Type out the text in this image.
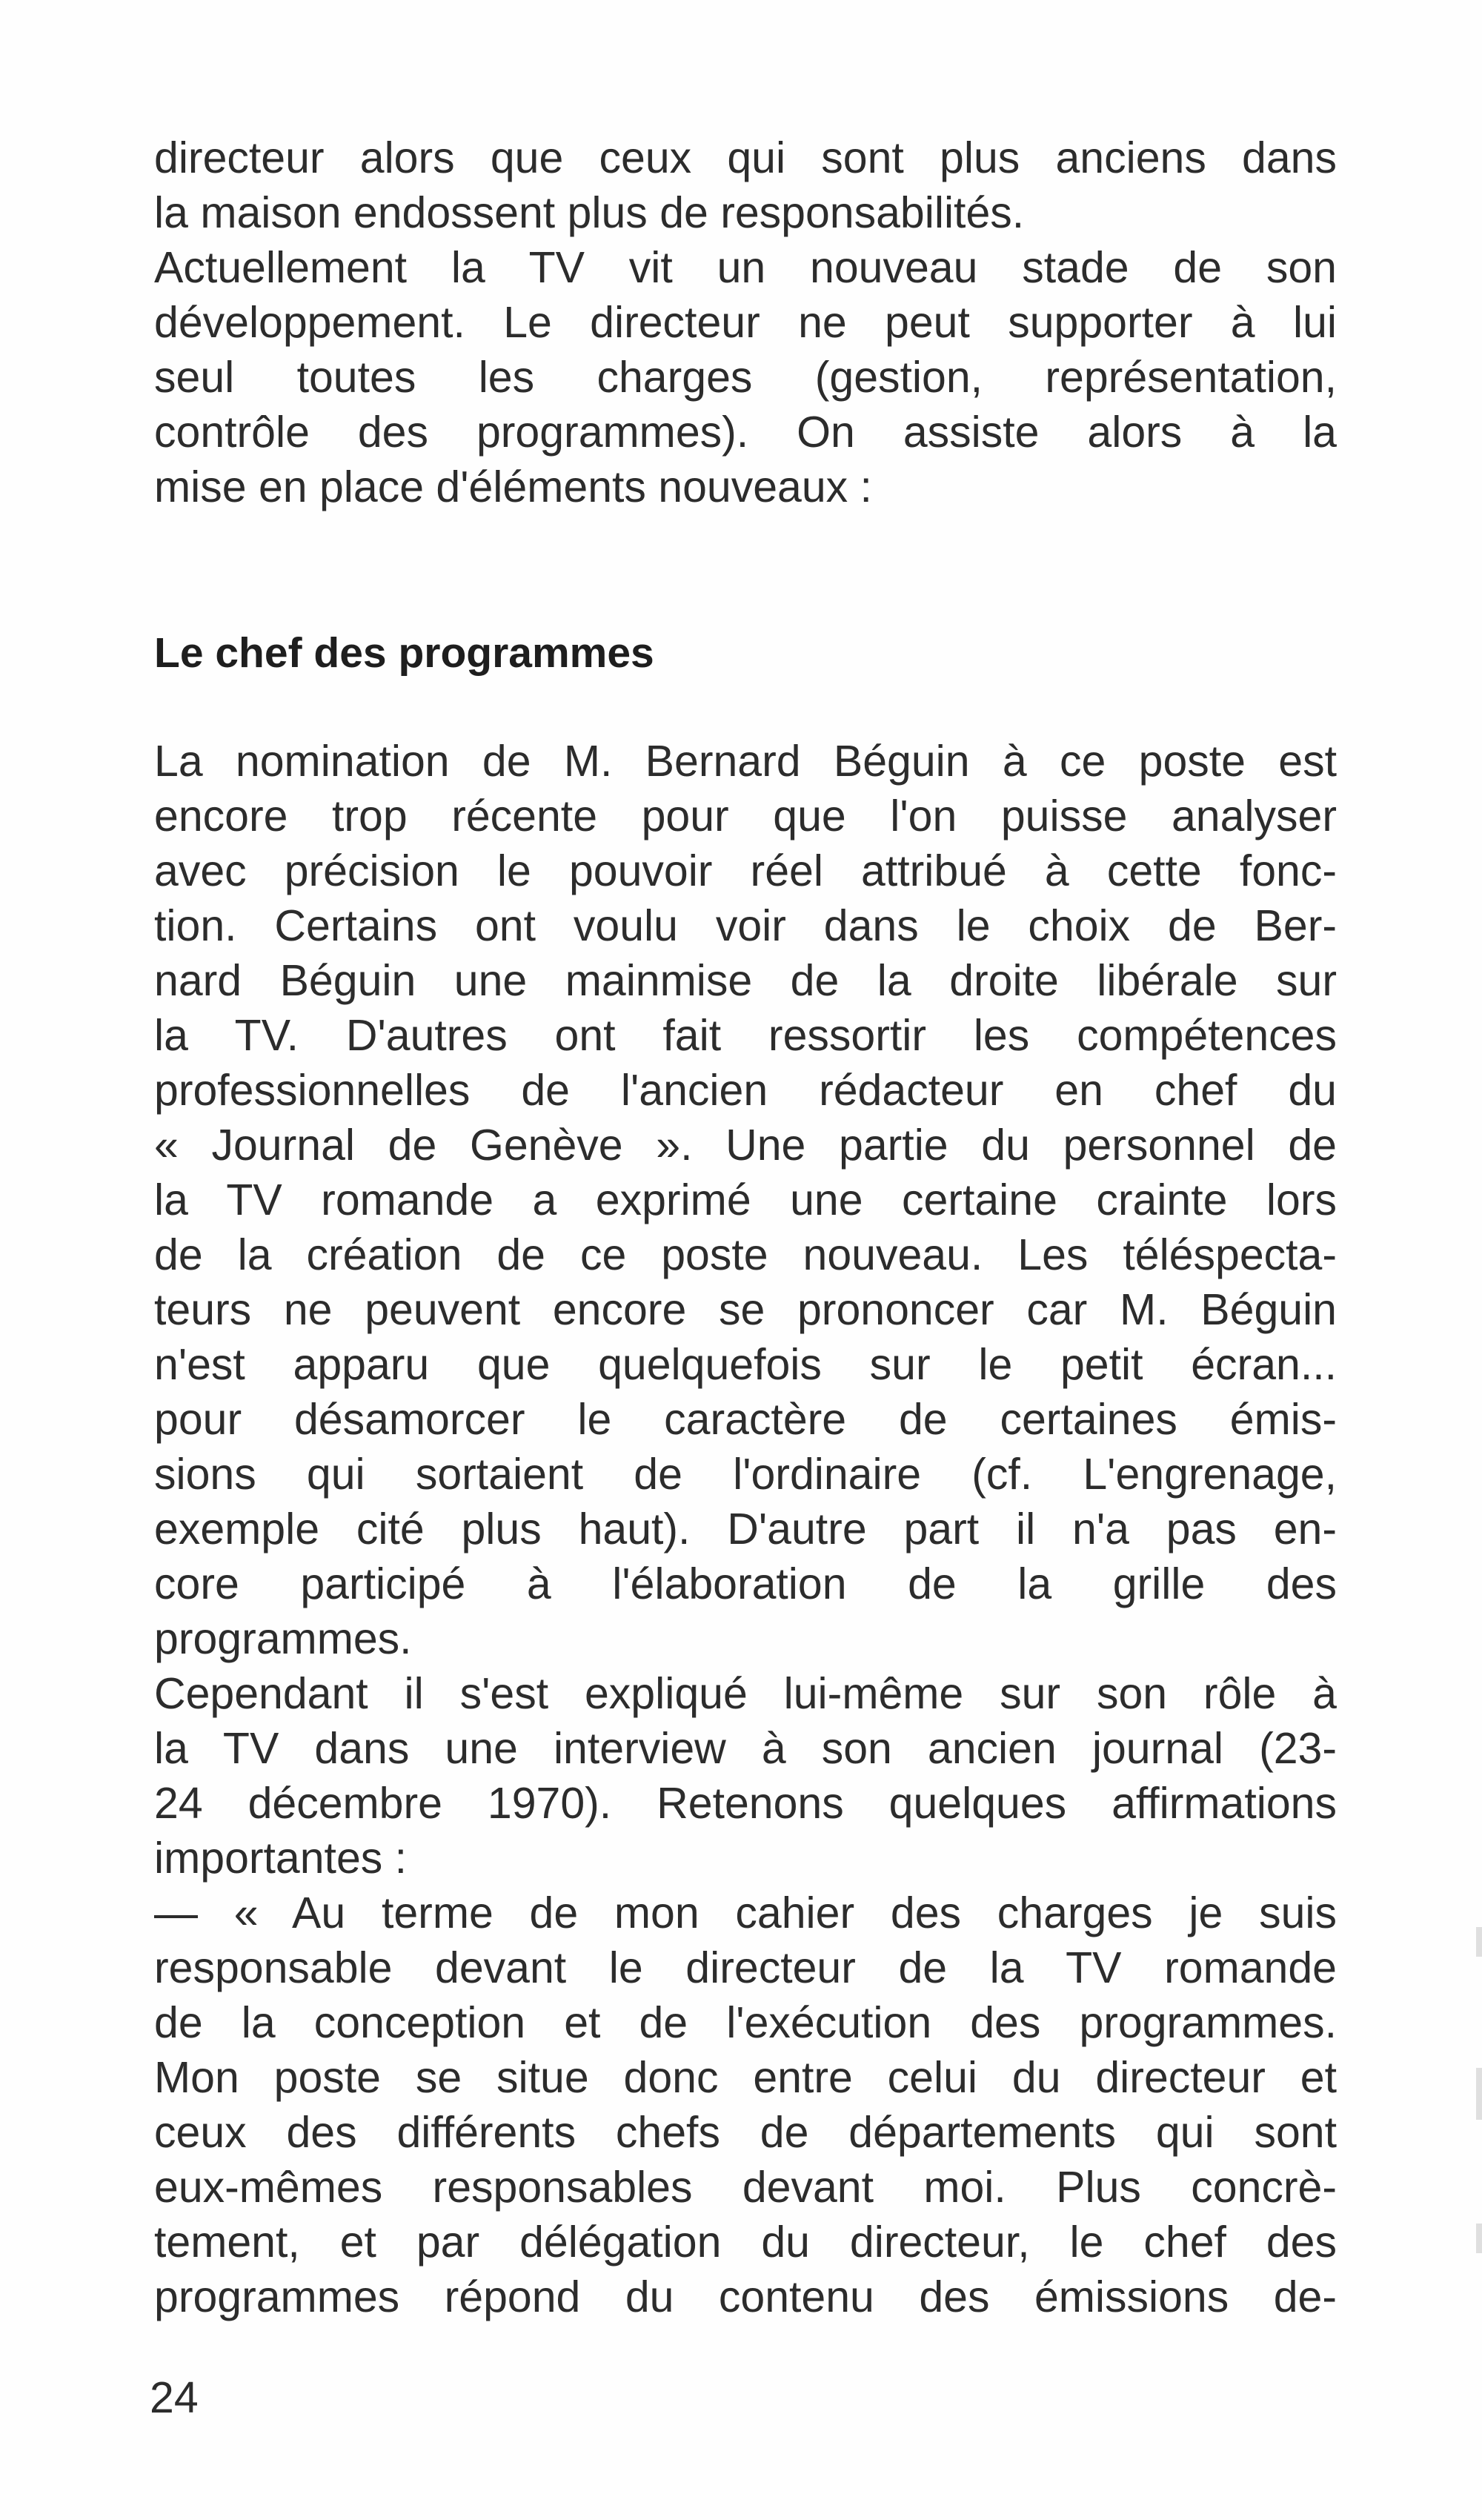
directeur alors que ceux qui sont plus anciens dans
la maison endossent plus de responsabilités.
Actuellement la TV vit un nouveau stade de son
développement. Le directeur ne peut supporter à lui
seul toutes les charges (gestion, représentation,
contrôle des programmes). On assiste alors à la
mise en place d'éléments nouveaux :
Le chef des programmes
La nomination de M. Bernard Béguin à ce poste est
encore trop récente pour que l'on puisse analyser
avec précision le pouvoir réel attribué à cette fonc-
tion. Certains ont voulu voir dans le choix de Ber-
nard Béguin une mainmise de la droite libérale sur
la TV. D'autres ont fait ressortir les compétences
professionnelles de l'ancien rédacteur en chef du
« Journal de Genève ». Une partie du personnel de
la TV romande a exprimé une certaine crainte lors
de la création de ce poste nouveau. Les téléspecta-
teurs ne peuvent encore se prononcer car M. Béguin
n'est apparu que quelquefois sur le petit écran...
pour désamorcer le caractère de certaines émis-
sions qui sortaient de l'ordinaire (cf. L'engrenage,
exemple cité plus haut). D'autre part il n'a pas en-
core participé à l'élaboration de la grille des
programmes.
Cependant il s'est expliqué lui-même sur son rôle à
la TV dans une interview à son ancien journal (23-
24 décembre 1970). Retenons quelques affirmations
importantes :
— « Au terme de mon cahier des charges je suis
responsable devant le directeur de la TV romande
de la conception et de l'exécution des programmes.
Mon poste se situe donc entre celui du directeur et
ceux des différents chefs de départements qui sont
eux-mêmes responsables devant moi. Plus concrè-
tement, et par délégation du directeur, le chef des
programmes répond du contenu des émissions de-
24
